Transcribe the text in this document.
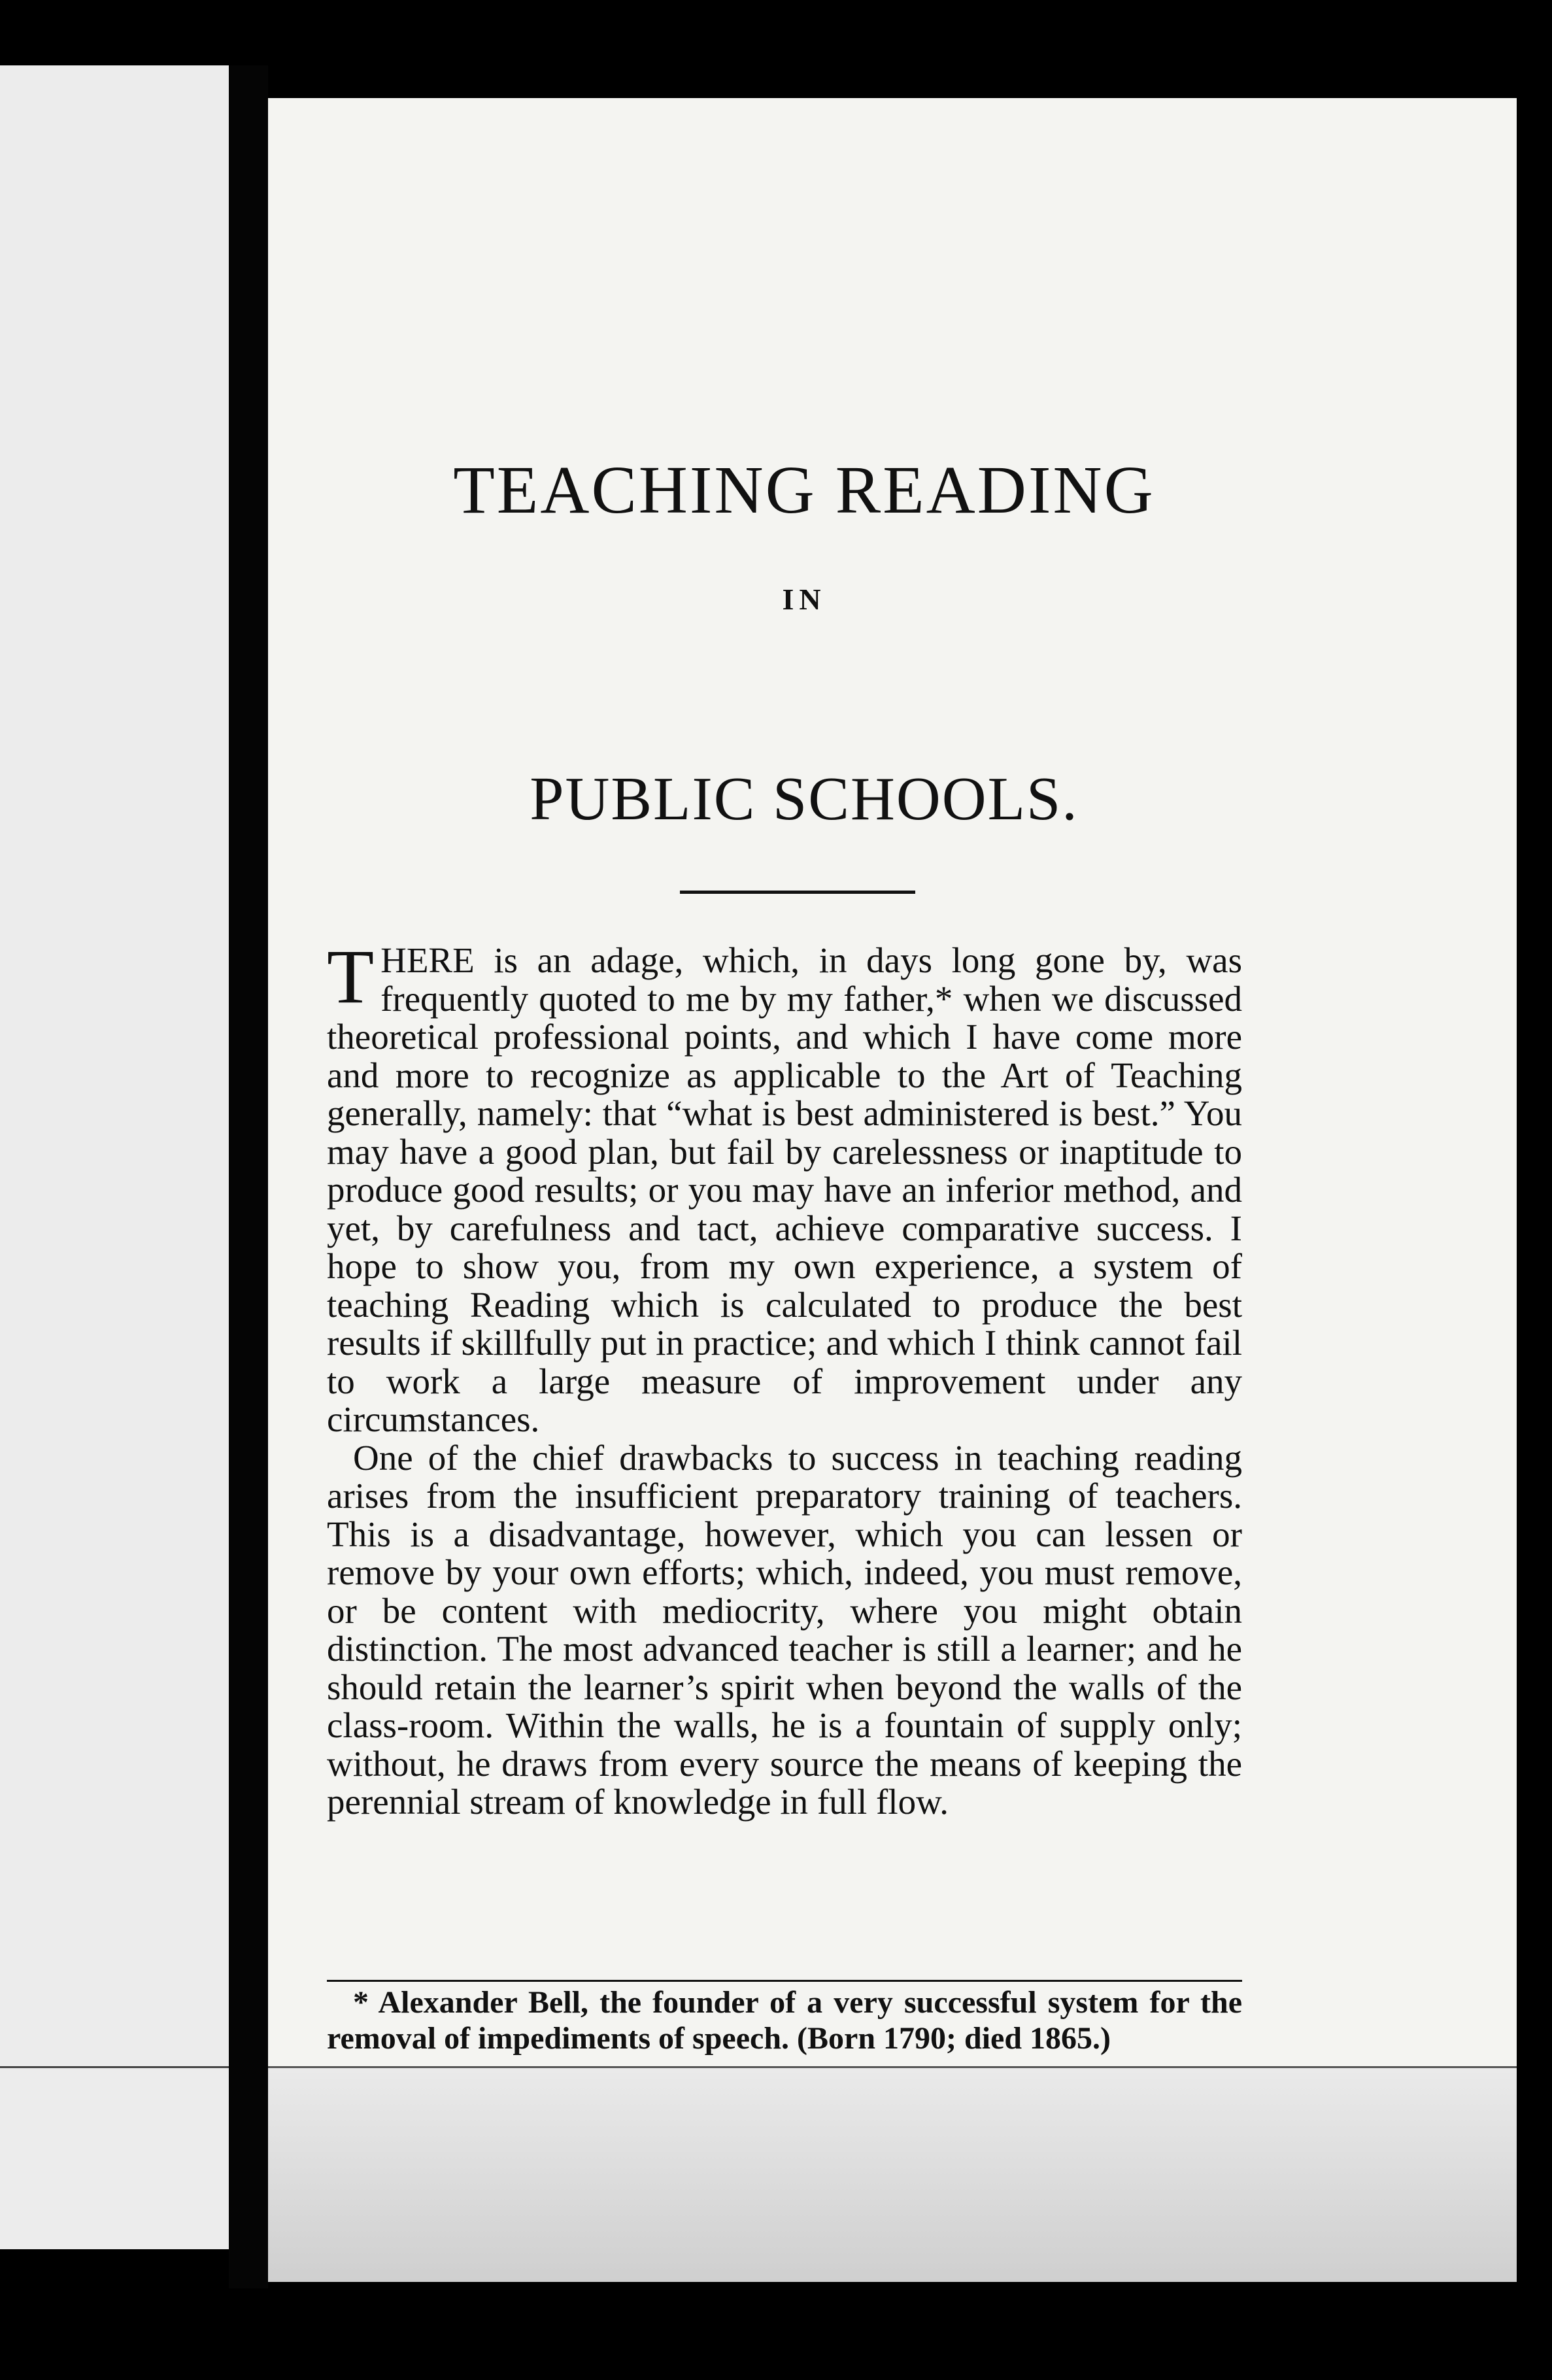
TEACHING READING
IN
PUBLIC SCHOOLS.

THERE is an adage, which, in days long gone by, was frequently quoted to me by my father,* when we discussed theoretical professional points, and which I have come more and more to recognize as applicable to the Art of Teaching generally, namely: that “what is best administered is best.” You may have a good plan, but fail by carelessness or inaptitude to produce good results; or you may have an inferior method, and yet, by carefulness and tact, achieve comparative success. I hope to show you, from my own experience, a system of teaching Reading which is calculated to produce the best results if skillfully put in practice; and which I think cannot fail to work a large measure of improvement under any circumstances.

One of the chief drawbacks to success in teaching reading arises from the insufficient preparatory training of teachers. This is a disadvantage, however, which you can lessen or remove by your own efforts; which, indeed, you must remove, or be content with mediocrity, where you might obtain distinction. The most advanced teacher is still a learner; and he should retain the learner’s spirit when beyond the walls of the class-room. Within the walls, he is a fountain of supply only; without, he draws from every source the means of keeping the perennial stream of knowledge in full flow.

* Alexander Bell, the founder of a very successful system for the removal of impediments of speech. (Born 1790; died 1865.)
